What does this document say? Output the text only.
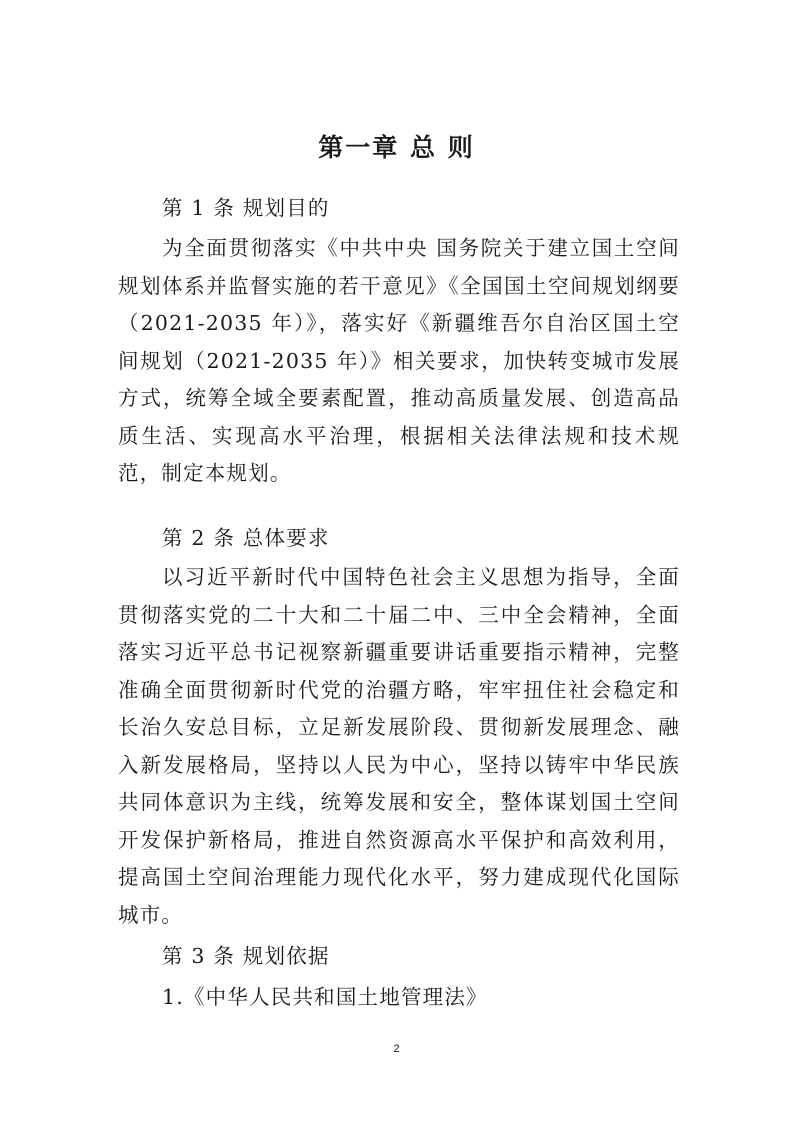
第一章 总 则

第 1 条 规划目的

为全面贯彻落实《中共中央 国务院关于建立国土空间规划体系并监督实施的若干意见》《全国国土空间规划纲要（2021-2035 年）》，落实好《新疆维吾尔自治区国土空间规划（2021-2035 年）》相关要求，加快转变城市发展方式，统筹全域全要素配置，推动高质量发展、创造高品质生活、实现高水平治理，根据相关法律法规和技术规范，制定本规划。

第 2 条 总体要求

以习近平新时代中国特色社会主义思想为指导，全面贯彻落实党的二十大和二十届二中、三中全会精神，全面落实习近平总书记视察新疆重要讲话重要指示精神，完整准确全面贯彻新时代党的治疆方略，牢牢扭住社会稳定和长治久安总目标，立足新发展阶段、贯彻新发展理念、融入新发展格局，坚持以人民为中心，坚持以铸牢中华民族共同体意识为主线，统筹发展和安全，整体谋划国土空间开发保护新格局，推进自然资源高水平保护和高效利用，提高国土空间治理能力现代化水平，努力建成现代化国际城市。

第 3 条 规划依据

1.《中华人民共和国土地管理法》

2
